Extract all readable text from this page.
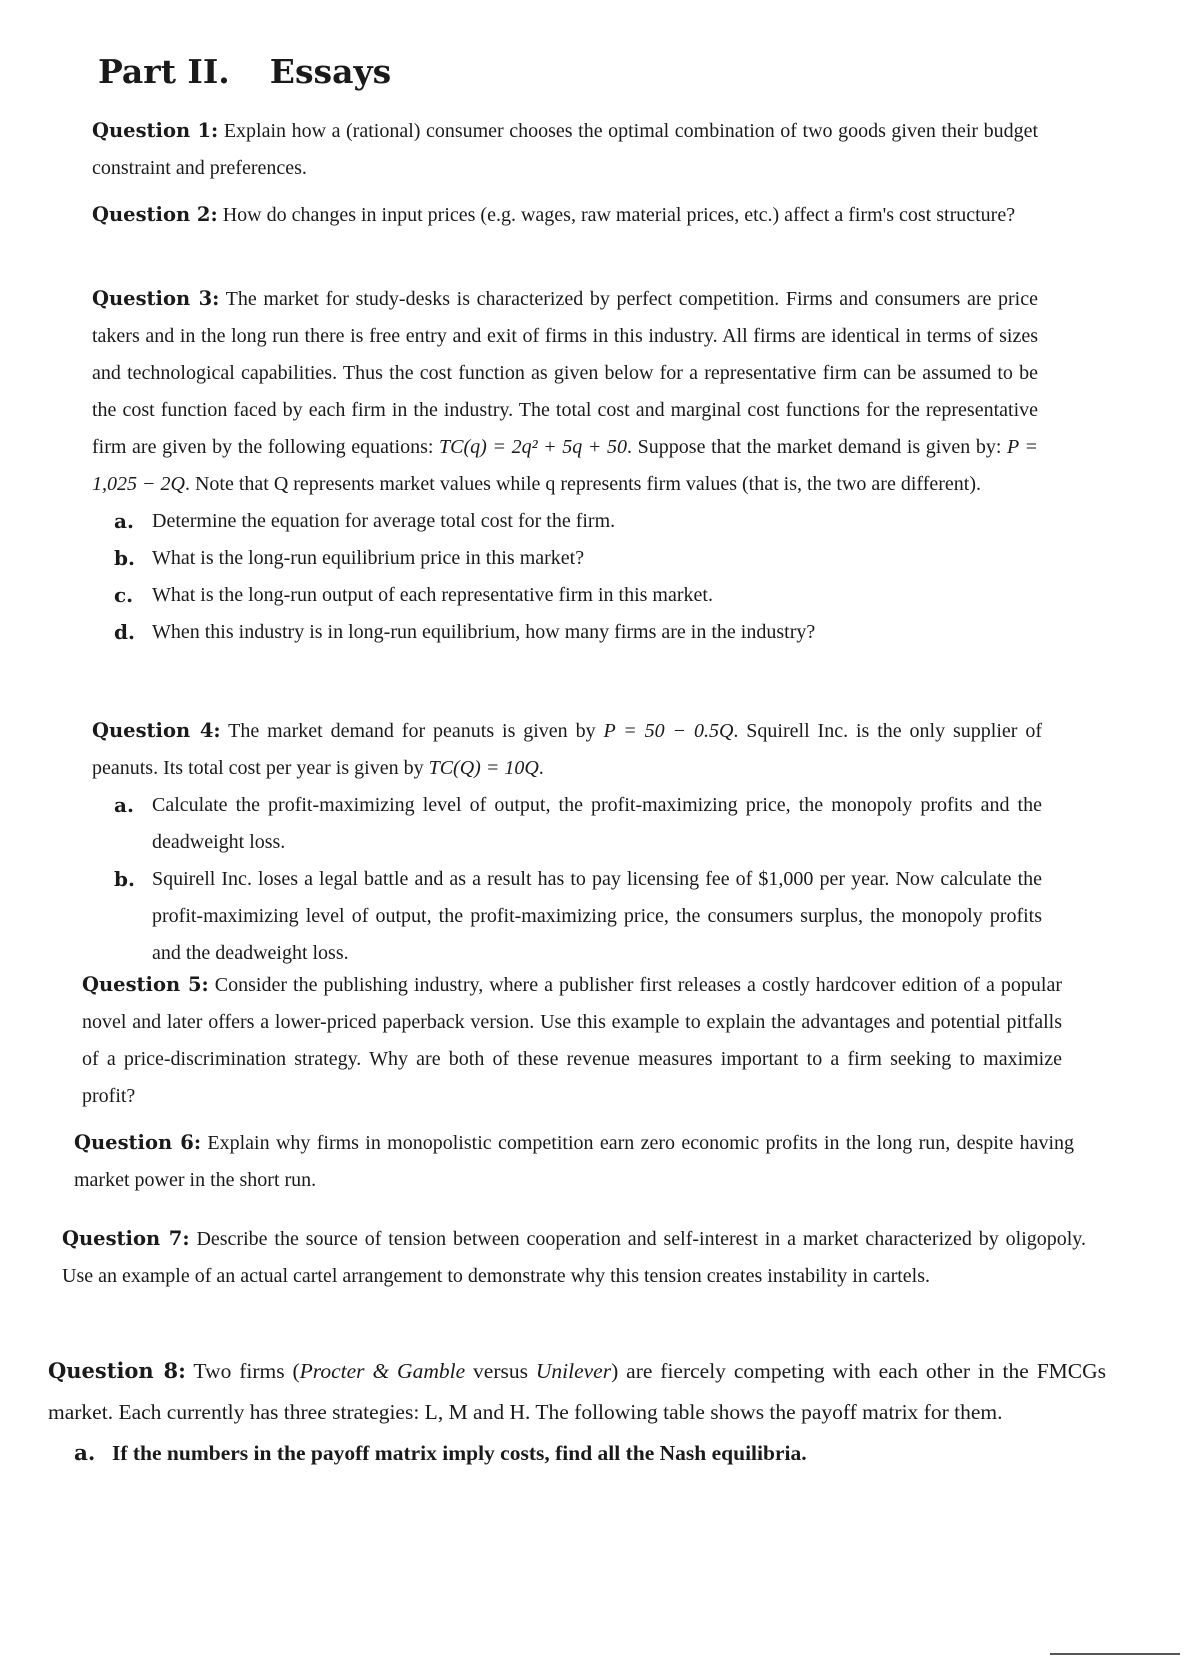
Part II. Essays

Question 1: Explain how a (rational) consumer chooses the optimal combination of two goods given their budget constraint and preferences.

Question 2: How do changes in input prices (e.g. wages, raw material prices, etc.) affect a firm's cost structure?

Question 3: The market for study-desks is characterized by perfect competition. Firms and consumers are price takers and in the long run there is free entry and exit of firms in this industry. All firms are identical in terms of sizes and technological capabilities. Thus the cost function as given below for a representative firm can be assumed to be the cost function faced by each firm in the industry. The total cost and marginal cost functions for the representative firm are given by the following equations: TC(q) = 2q² + 5q + 50. Suppose that the market demand is given by: P = 1,025 − 2Q. Note that Q represents market values while q represents firm values (that is, the two are different).

a. Determine the equation for average total cost for the firm.

b. What is the long-run equilibrium price in this market?

c. What is the long-run output of each representative firm in this market.

d. When this industry is in long-run equilibrium, how many firms are in the industry?

Question 4: The market demand for peanuts is given by P = 50 − 0.5Q. Squirell Inc. is the only supplier of peanuts. Its total cost per year is given by TC(Q) = 10Q.

a. Calculate the profit-maximizing level of output, the profit-maximizing price, the monopoly profits and the deadweight loss.

b. Squirell Inc. loses a legal battle and as a result has to pay licensing fee of $1,000 per year. Now calculate the profit-maximizing level of output, the profit-maximizing price, the consumers surplus, the monopoly profits and the deadweight loss.

Question 5: Consider the publishing industry, where a publisher first releases a costly hardcover edition of a popular novel and later offers a lower-priced paperback version. Use this example to explain the advantages and potential pitfalls of a price-discrimination strategy. Why are both of these revenue measures important to a firm seeking to maximize profit?

Question 6: Explain why firms in monopolistic competition earn zero economic profits in the long run, despite having market power in the short run.

Question 7: Describe the source of tension between cooperation and self-interest in a market characterized by oligopoly. Use an example of an actual cartel arrangement to demonstrate why this tension creates instability in cartels.

Question 8: Two firms (Procter & Gamble versus Unilever) are fiercely competing with each other in the FMCGs market. Each currently has three strategies: L, M and H. The following table shows the payoff matrix for them.

a. If the numbers in the payoff matrix imply costs, find all the Nash equilibria.
